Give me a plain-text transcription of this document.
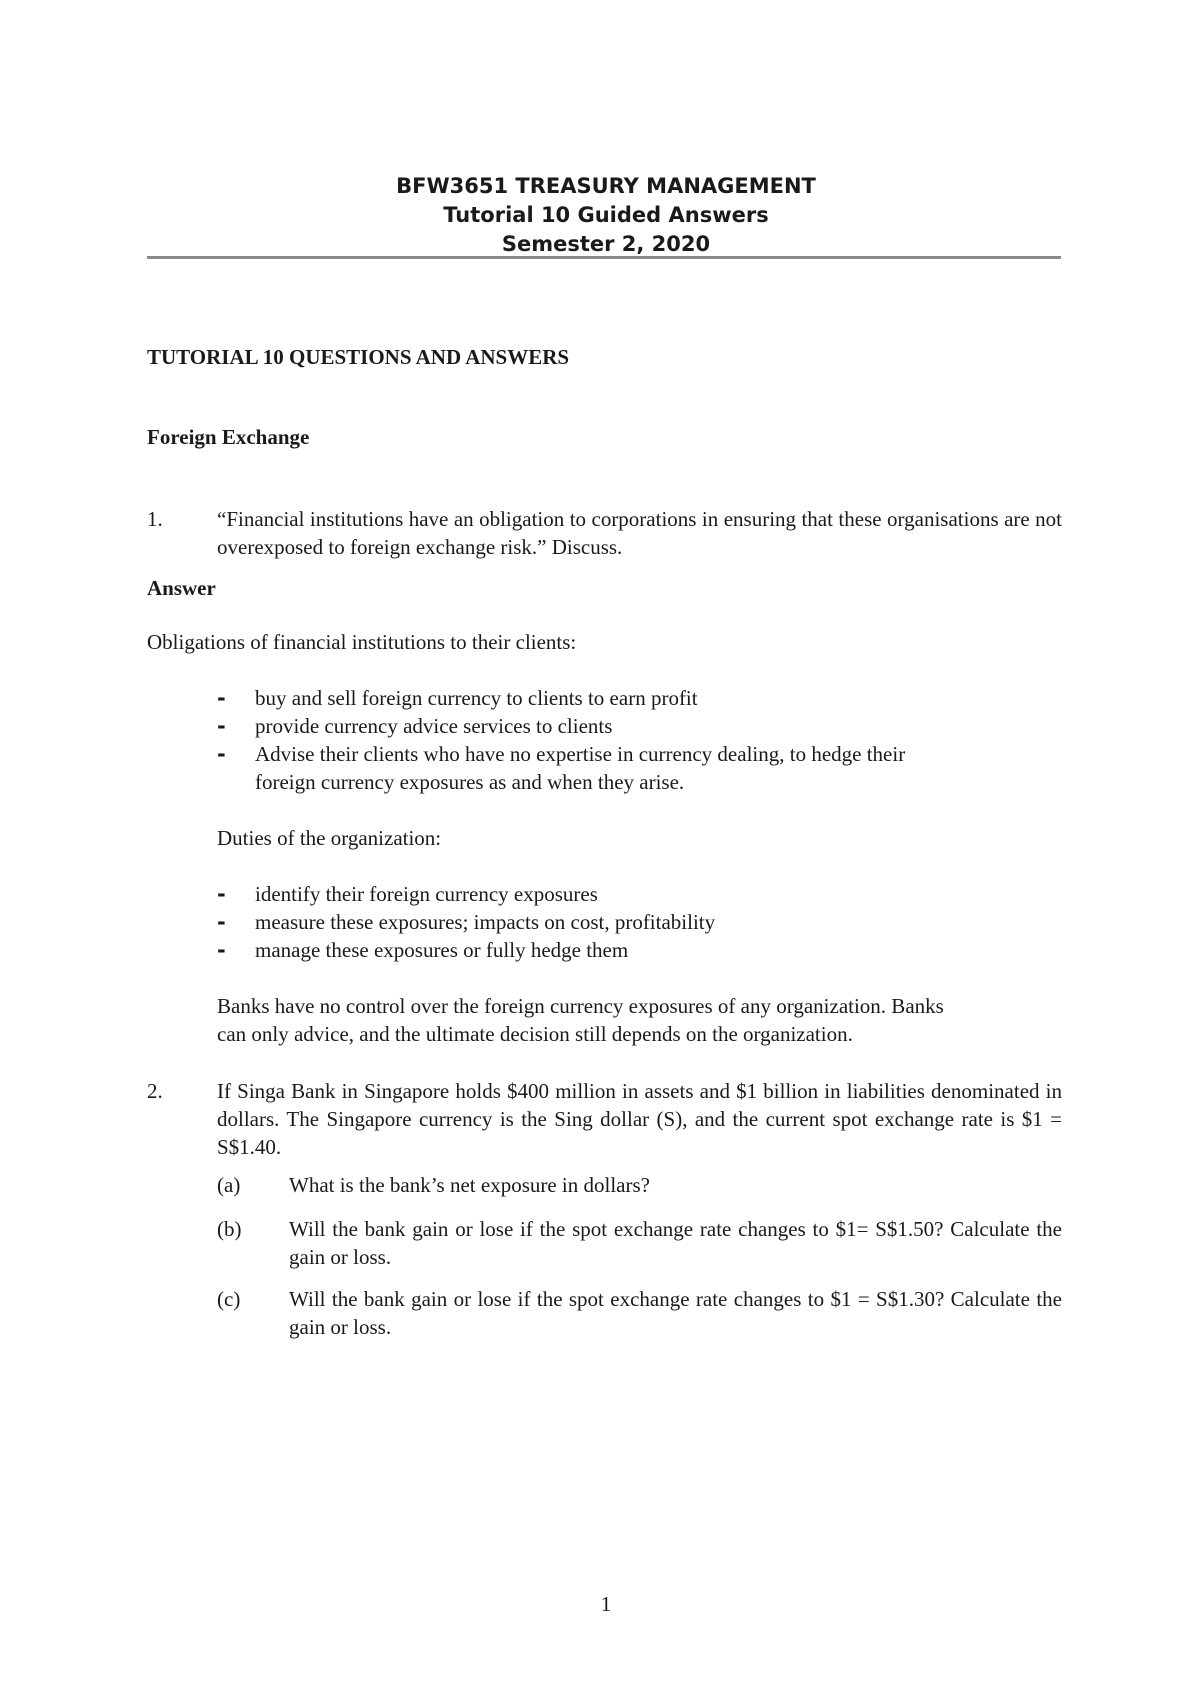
BFW3651 TREASURY MANAGEMENT
Tutorial 10 Guided Answers
Semester 2, 2020
TUTORIAL 10 QUESTIONS AND ANSWERS
Foreign Exchange
1.	“Financial institutions have an obligation to corporations in ensuring that these organisations are not overexposed to foreign exchange risk.” Discuss.
Answer
Obligations of financial institutions to their clients:
- buy and sell foreign currency to clients to earn profit
- provide currency advice services to clients
- Advise their clients who have no expertise in currency dealing, to hedge their
foreign currency exposures as and when they arise.
Duties of the organization:
- identify their foreign currency exposures
- measure these exposures; impacts on cost, profitability
- manage these exposures or fully hedge them
Banks have no control over the foreign currency exposures of any organization. Banks
can only advice, and the ultimate decision still depends on the organization.
2.	If Singa Bank in Singapore holds $400 million in assets and $1 billion in liabilities denominated in dollars. The Singapore currency is the Sing dollar (S), and the current spot exchange rate is $1 = S$1.40.
(a) What is the bank’s net exposure in dollars?
(b) Will the bank gain or lose if the spot exchange rate changes to $1= S$1.50? Calculate the gain or loss.
(c) Will the bank gain or lose if the spot exchange rate changes to $1 = S$1.30? Calculate the gain or loss.
1
